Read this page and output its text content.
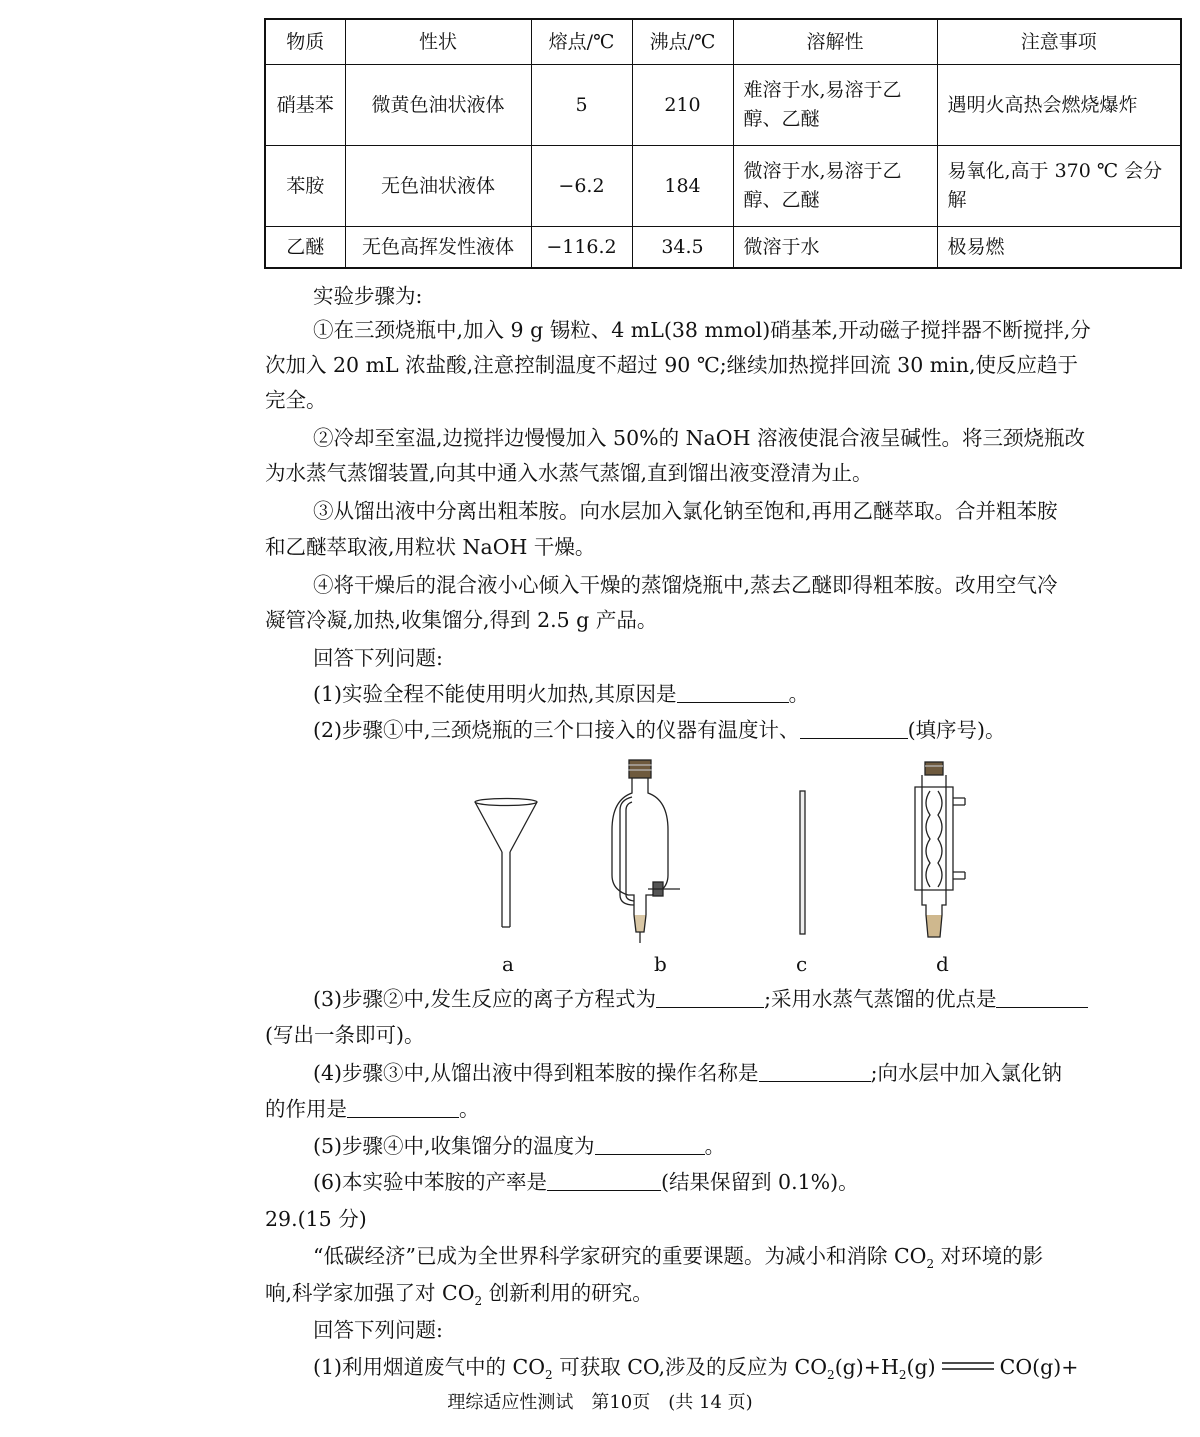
物质	性状	熔点/℃	沸点/℃	溶解性	注意事项
硝基苯	微黄色油状液体	5	210	难溶于水,易溶于乙醇、乙醚	遇明火高热会燃烧爆炸
苯胺	无色油状液体	−6.2	184	微溶于水,易溶于乙醇、乙醚	易氧化,高于 370 ℃ 会分解
乙醚	无色高挥发性液体	−116.2	34.5	微溶于水	极易燃

实验步骤为:

①在三颈烧瓶中,加入 9 g 锡粒、4 mL(38 mmol)硝基苯,开动磁子搅拌器不断搅拌,分

次加入 20 mL 浓盐酸,注意控制温度不超过 90 ℃;继续加热搅拌回流 30 min,使反应趋于

完全。

②冷却至室温,边搅拌边慢慢加入 50%的 NaOH 溶液使混合液呈碱性。将三颈烧瓶改

为水蒸气蒸馏装置,向其中通入水蒸气蒸馏,直到馏出液变澄清为止。

③从馏出液中分离出粗苯胺。向水层加入氯化钠至饱和,再用乙醚萃取。合并粗苯胺

和乙醚萃取液,用粒状 NaOH 干燥。

④将干燥后的混合液小心倾入干燥的蒸馏烧瓶中,蒸去乙醚即得粗苯胺。改用空气冷

凝管冷凝,加热,收集馏分,得到 2.5 g 产品。

回答下列问题:

(1)实验全程不能使用明火加热,其原因是	。

(2)步骤①中,三颈烧瓶的三个口接入的仪器有温度计、	(填序号)。

a	b	c	d

(3)步骤②中,发生反应的离子方程式为	;采用水蒸气蒸馏的优点是

(写出一条即可)。

(4)步骤③中,从馏出液中得到粗苯胺的操作名称是	;向水层中加入氯化钠

的作用是	。

(5)步骤④中,收集馏分的温度为	。

(6)本实验中苯胺的产率是	(结果保留到 0.1%)。

29.(15 分)

“低碳经济”已成为全世界科学家研究的重要课题。为减小和消除 $CO_2$ 对环境的影

响,科学家加强了对 $CO_2$ 创新利用的研究。

回答下列问题:

(1)利用烟道废气中的 $CO_2$ 可获取 CO,涉及的反应为 $CO_2(g)+H_2(g)$	CO(g)+

理综适应性测试　第10页　(共 14 页)
